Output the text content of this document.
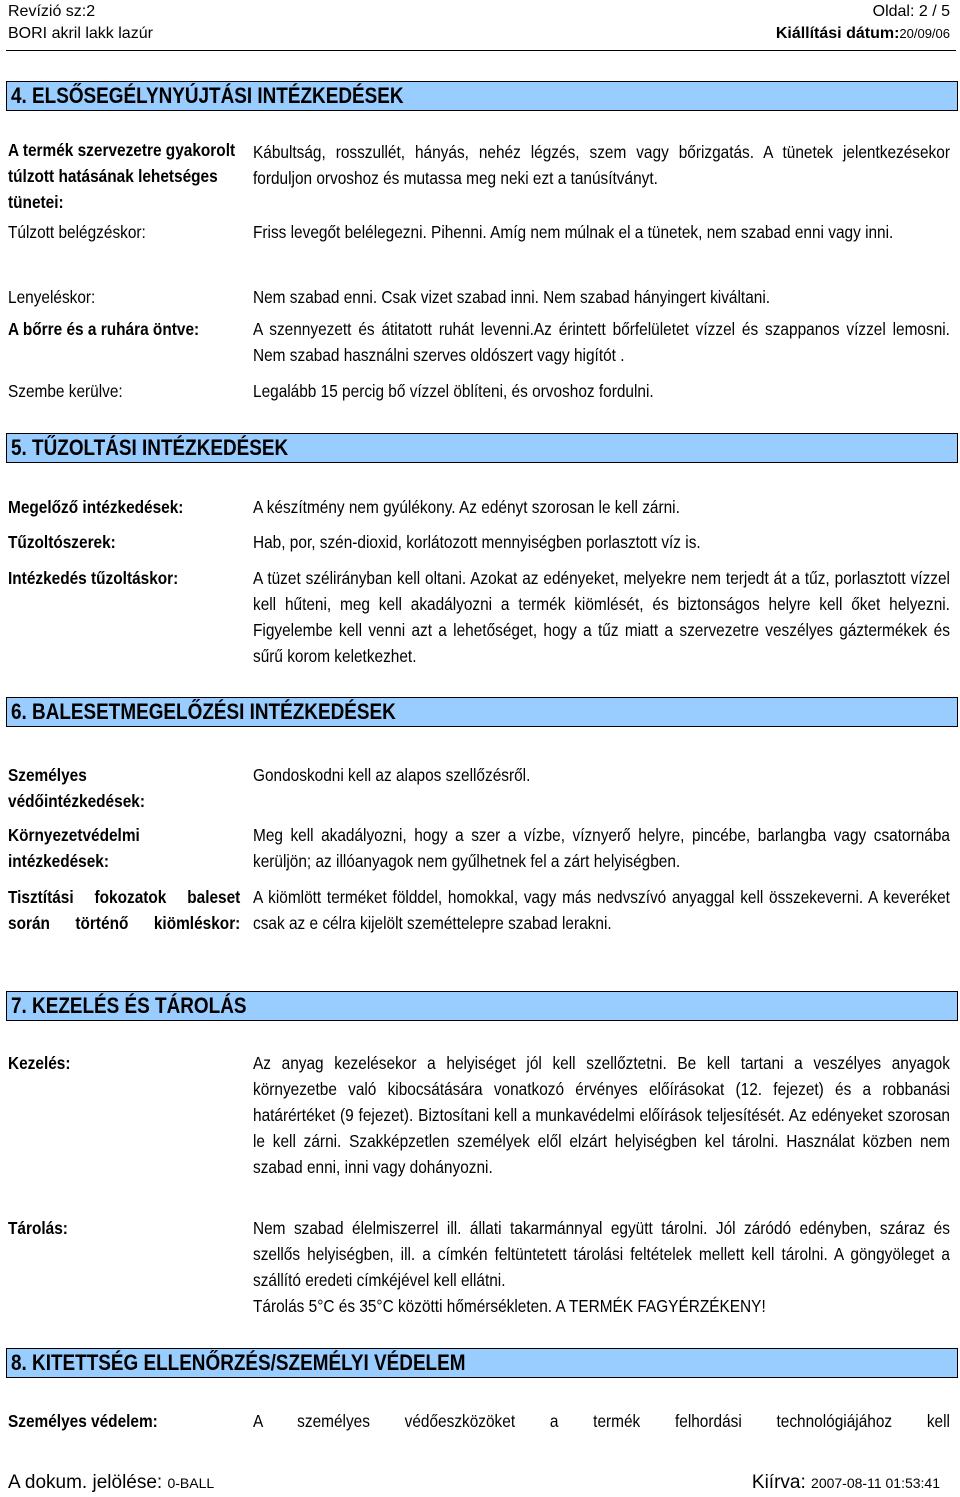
Revízió sz:2
BORI akril lakk lazúr
Oldal: 2 / 5
Kiállítási dátum:20/09/06
4. ELSŐSEGÉLYNYÚJTÁSI INTÉZKEDÉSEK
A termék szervezetre gyakorolt túlzott hatásának lehetséges tünetei:
Kábultság, rosszullét, hányás, nehéz légzés, szem vagy bőrizgatás. A tünetek jelentkezésekor forduljon orvoshoz és mutassa meg neki ezt a tanúsítványt.
Túlzott belégzéskor:	Friss levegőt belélegezni. Pihenni. Amíg nem múlnak el a tünetek, nem szabad enni vagy inni.
Lenyeléskor:	Nem szabad enni. Csak vizet szabad inni. Nem szabad hányingert kiváltani.
A bőrre és a ruhára öntve:	A szennyezett és átitatott ruhát levenni.Az érintett bőrfelületet vízzel és szappanos vízzel lemosni. Nem szabad használni szerves oldószert vagy higítót .
Szembe kerülve:	Legalább 15 percig bő vízzel öblíteni, és orvoshoz fordulni.
5. TŰZOLTÁSI INTÉZKEDÉSEK
Megelőző intézkedések:	A készítmény nem gyúlékony. Az edényt szorosan le kell zárni.
Tűzoltószerek:	Hab, por, szén-dioxid, korlátozott mennyiségben porlasztott víz is.
Intézkedés tűzoltáskor:	A tüzet szélirányban kell oltani. Azokat az edényeket, melyekre nem terjedt át a tűz, porlasztott vízzel kell hűteni, meg kell akadályozni a termék kiömlését, és biztonságos helyre kell őket helyezni. Figyelembe kell venni azt a lehetőséget, hogy a tűz miatt a szervezetre veszélyes gáztermékek és sűrű korom keletkezhet.
6. BALESETMEGELŐZÉSI INTÉZKEDÉSEK
Személyes védőintézkedések:
Gondoskodni kell az alapos szellőzésről.
Környezetvédelmi intézkedések:
Meg kell akadályozni, hogy a szer a vízbe, víznyerő helyre, pincébe, barlangba vagy csatornába kerüljön; az illóanyagok nem gyűlhetnek fel a zárt helyiségben.
Tisztítási fokozatok baleset során történő kiömléskor:
A kiömlött terméket földdel, homokkal, vagy más nedvszívó anyaggal kell összekeverni. A keveréket csak az e célra kijelölt szeméttelepre szabad lerakni.
7. KEZELÉS ÉS TÁROLÁS
Kezelés:	Az anyag kezelésekor a helyiséget jól kell szellőztetni. Be kell tartani a veszélyes anyagok környezetbe való kibocsátására vonatkozó érvényes előírásokat (12. fejezet) és a robbanási határértéket (9 fejezet). Biztosítani kell a munkavédelmi előírások teljesítését. Az edényeket szorosan le kell zárni. Szakképzetlen személyek elől elzárt helyiségben kel tárolni. Használat közben nem szabad enni, inni vagy dohányozni.
Tárolás:	Nem szabad élelmiszerrel ill. állati takarmánnyal együtt tárolni. Jól záródó edényben, száraz és szellős helyiségben, ill. a címkén feltüntetett tárolási feltételek mellett kell tárolni. A göngyöleget a szállító eredeti címkéjével kell ellátni.
Tárolás 5°C és 35°C közötti hőmérsékleten. A TERMÉK FAGYÉRZÉKENY!
8. KITETTSÉG ELLENŐRZÉS/SZEMÉLYI VÉDELEM
Személyes védelem:	A személyes védőeszközöket a termék felhordási technológiájához kell
A dokum. jelölése: 0-BALL	Kiírva: 2007-08-11 01:53:41
